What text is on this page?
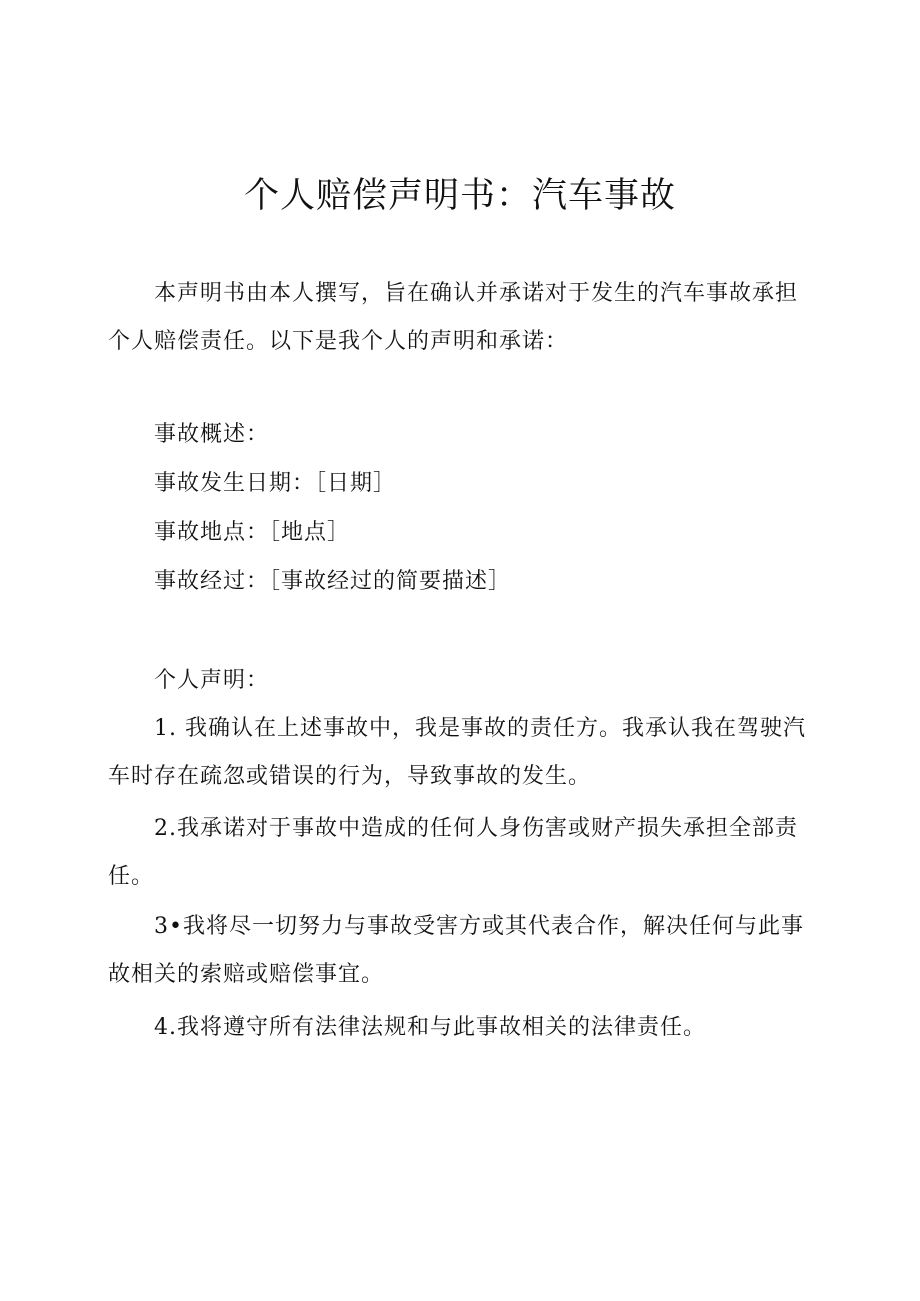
个人赔偿声明书：汽车事故

本声明书由本人撰写，旨在确认并承诺对于发生的汽车事故承担个人赔偿责任。以下是我个人的声明和承诺：

事故概述：

事故发生日期：［日期］

事故地点：［地点］

事故经过：［事故经过的简要描述］

个人声明：

1. 我确认在上述事故中，我是事故的责任方。我承认我在驾驶汽车时存在疏忽或错误的行为，导致事故的发生。

2.我承诺对于事故中造成的任何人身伤害或财产损失承担全部责任。

3•我将尽一切努力与事故受害方或其代表合作，解决任何与此事故相关的索赔或赔偿事宜。

4.我将遵守所有法律法规和与此事故相关的法律责任。
